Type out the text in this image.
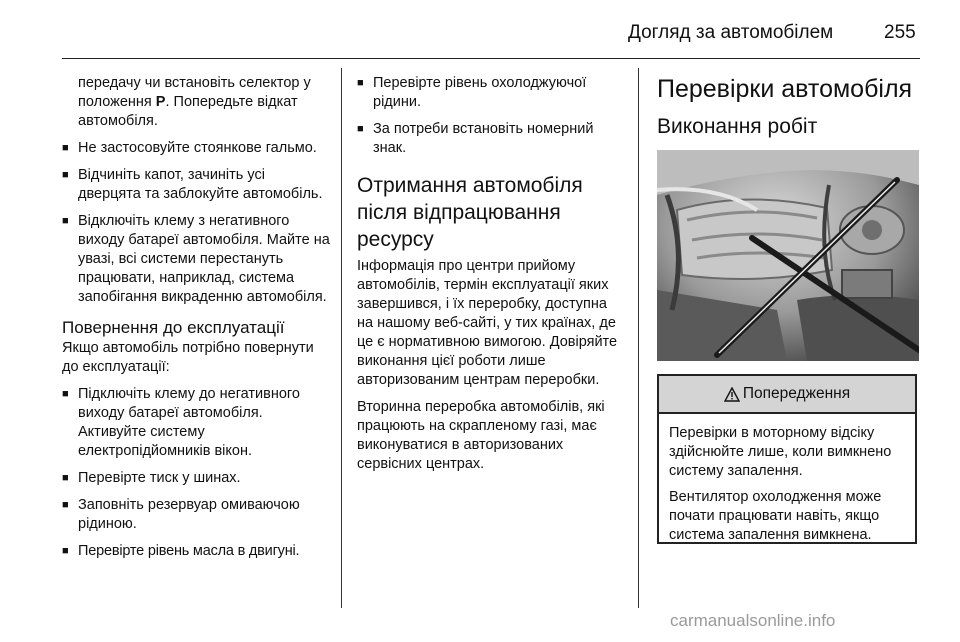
Догляд за автомобілем	255
передачу чи встановіть селектор у положення P. Попередьте відкат автомобіля.
■ Не застосовуйте стоянкове гальмо.
■ Відчиніть капот, зачиніть усі дверцята та заблокуйте автомобіль.
■ Відключіть клему з негативного виходу батареї автомобіля. Майте на увазі, всі системи перестануть працювати, наприклад, система запобігання викраденню автомобіля.
Повернення до експлуатації

Якщо автомобіль потрібно повернути до експлуатації:

■ Підключіть клему до негативного виходу батареї автомобіля. Активуйте систему електропідйомників вікон.
■ Перевірте тиск у шинах.
■ Заповніть резервуар омиваючою рідиною.
■ Перевірте рівень масла в двигуні.
■ Перевірте рівень охолоджуючої рідини.
■ За потреби встановіть номерний знак.
Отримання автомобіля після відпрацювання ресурсу

Інформація про центри прийому автомобілів, термін експлуатації яких завершився, і їх переробку, доступна на нашому веб-сайті, у тих країнах, де це є нормативною вимогою. Довіряйте виконання цієї роботи лише авторизованим центрам переробки.

Вторинна переробка автомобілів, які працюють на скрапленому газі, має виконуватися в авторизованих сервісних центрах.

Перевірки автомобіля
Виконання робіт
Попередження

Перевірки в моторному відсіку здійснюйте лише, коли вимкнено систему запалення.

Вентилятор охолодження може почати працювати навіть, якщо система запалення вимкнена.

carmanualsonline.info
